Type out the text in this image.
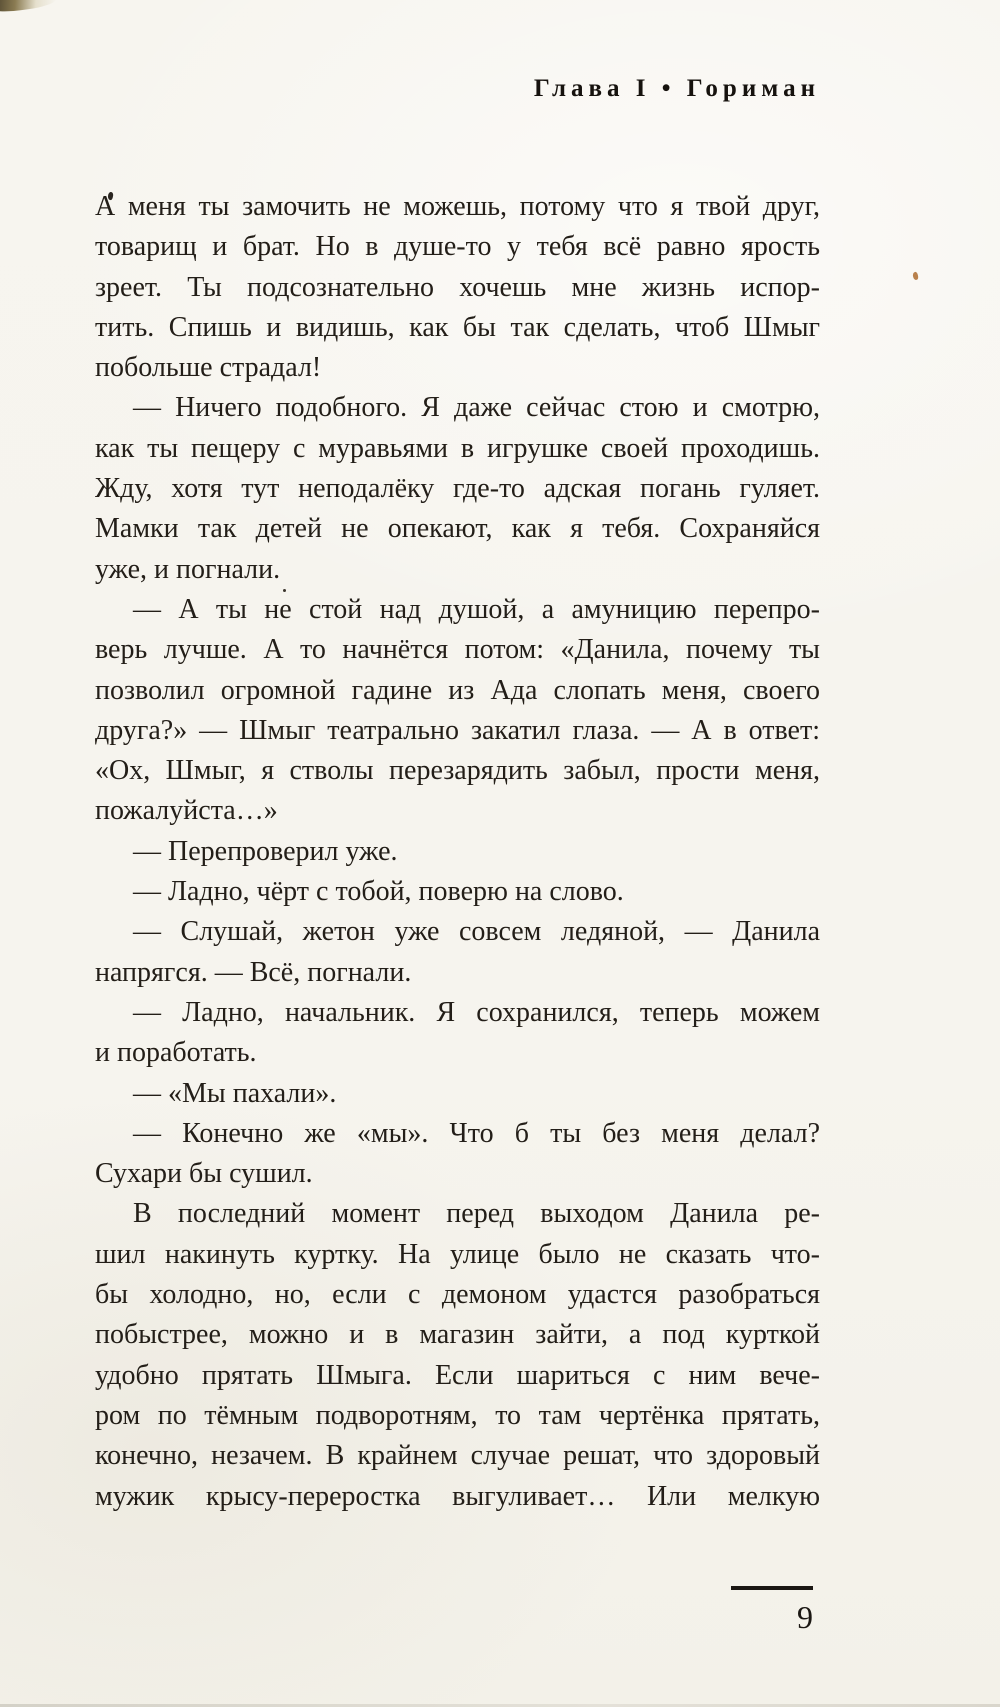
Глава I • Гориман
А меня ты замочить не можешь, потому что я твой друг,
товарищ и брат. Но в душе-то у тебя всё равно ярость
зреет. Ты подсознательно хочешь мне жизнь испор-
тить. Спишь и видишь, как бы так сделать, чтоб Шмыг
побольше страдал!
— Ничего подобного. Я даже сейчас стою и смотрю,
как ты пещеру с муравьями в игрушке своей проходишь.
Жду, хотя тут неподалёку где-то адская погань гуляет.
Мамки так детей не опекают, как я тебя. Сохраняйся
уже, и погнали.
— А ты не стой над душой, а амуницию перепро-
верь лучше. А то начнётся потом: «Данила, почему ты
позволил огромной гадине из Ада слопать меня, своего
друга?» — Шмыг театрально закатил глаза. — А в ответ:
«Ох, Шмыг, я стволы перезарядить забыл, прости меня,
пожалуйста…»
— Перепроверил уже.
— Ладно, чёрт с тобой, поверю на слово.
— Слушай, жетон уже совсем ледяной, — Данила
напрягся. — Всё, погнали.
— Ладно, начальник. Я сохранился, теперь можем
и поработать.
— «Мы пахали».
— Конечно же «мы». Что б ты без меня делал?
Сухари бы сушил.
В последний момент перед выходом Данила ре-
шил накинуть куртку. На улице было не сказать что-
бы холодно, но, если с демоном удастся разобраться
побыстрее, можно и в магазин зайти, а под курткой
удобно прятать Шмыга. Если шариться с ним вече-
ром по тёмным подворотням, то там чертёнка прятать,
конечно, незачем. В крайнем случае решат, что здоровый
мужик крысу-переростка выгуливает… Или мелкую
9
